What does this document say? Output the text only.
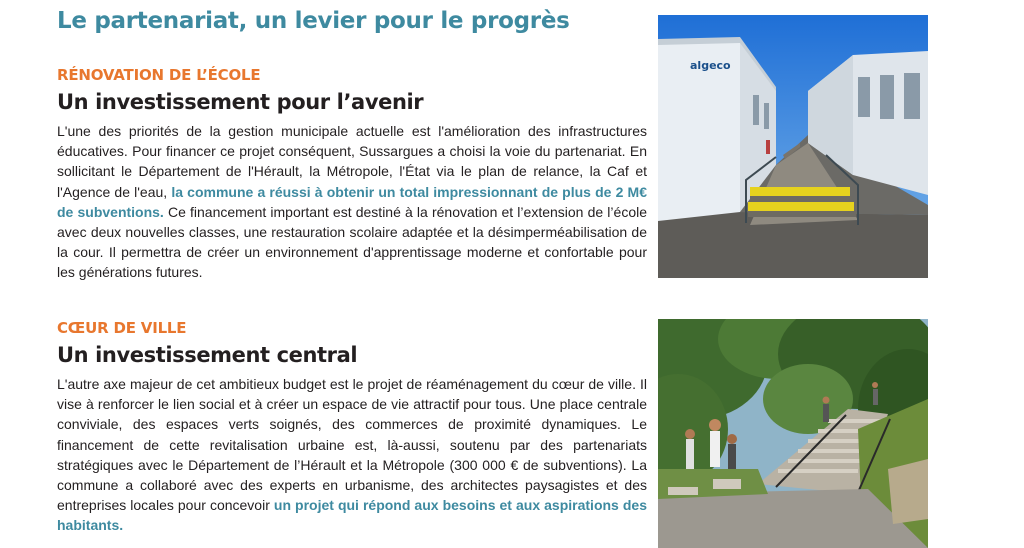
Le partenariat, un levier pour le progrès

RÉNOVATION DE L’ÉCOLE

Un investissement pour l’avenir

L'une des priorités de la gestion municipale actuelle est l'amélioration des infrastructures éducatives. Pour financer ce projet conséquent, Sussargues a choisi la voie du partenariat. En sollicitant le Département de l'Hérault, la Métropole, l'État via le plan de relance, la Caf et l'Agence de l'eau, la commune a réussi à obtenir un total impressionnant de plus de 2 M€ de subventions. Ce financement important est destiné à la rénovation et l’extension de l’école avec deux nouvelles classes, une restauration scolaire adaptée et la désimperméabilisation de la cour. Il permettra de créer un environnement d'apprentissage moderne et confortable pour les générations futures.

CŒUR DE VILLE

Un investissement central

L'autre axe majeur de cet ambitieux budget est le projet de réaménagement du cœur de ville. Il vise à renforcer le lien social et à créer un espace de vie attractif pour tous. Une place centrale conviviale, des espaces verts soignés, des commerces de proximité dynamiques. Le financement de cette revitalisation urbaine est, là-aussi, soutenu par des partenariats stratégiques avec le Département de l’Hérault et la Métropole (300 000 € de subventions). La commune a collaboré avec des experts en urbanisme, des architectes paysagistes et des entreprises locales pour concevoir un projet qui répond aux besoins et aux aspirations des habitants.

algeco
